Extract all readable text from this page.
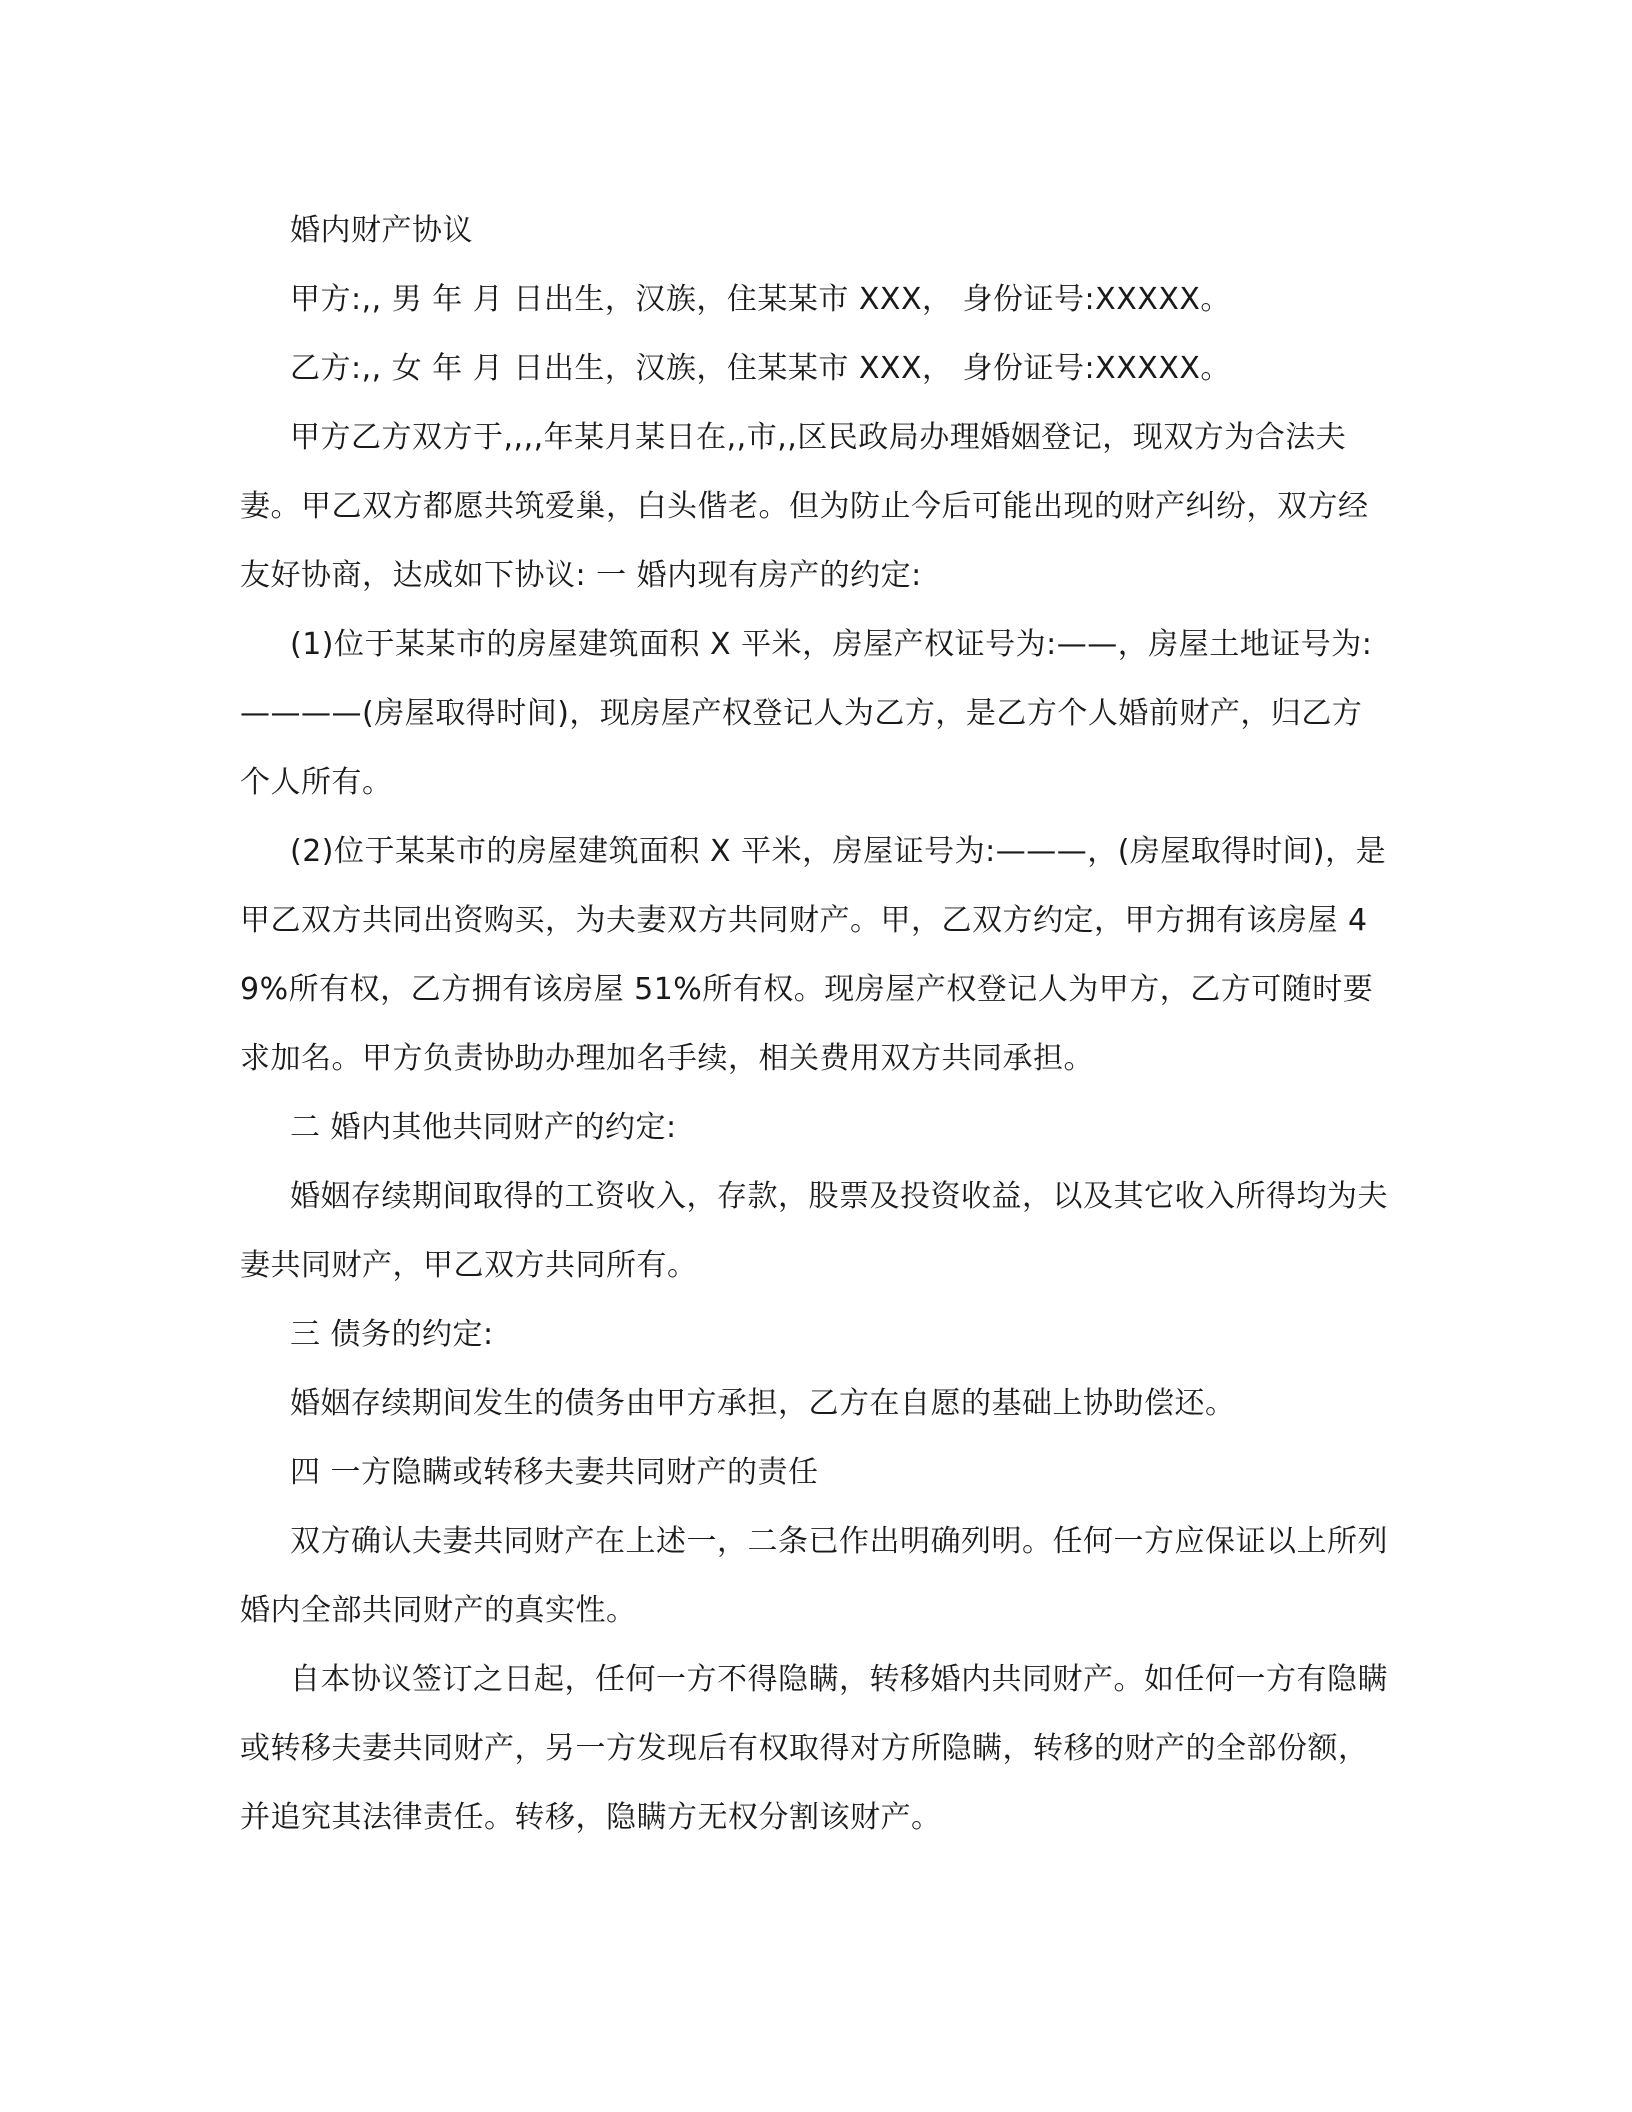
婚内财产协议

甲方:,, 男 年 月 日出生，汉族，住某某市 XXX， 身份证号:XXXXX。

乙方:,, 女 年 月 日出生，汉族，住某某市 XXX， 身份证号:XXXXX。

甲方乙方双方于,,,,年某月某日在,,市,,区民政局办理婚姻登记，现双方为合法夫妻。甲乙双方都愿共筑爱巢，白头偕老。但为防止今后可能出现的财产纠纷，双方经友好协商，达成如下协议: 一 婚内现有房产的约定:

(1)位于某某市的房屋建筑面积 X 平米，房屋产权证号为:——，房屋土地证号为:————(房屋取得时间)，现房屋产权登记人为乙方，是乙方个人婚前财产，归乙方个人所有。

(2)位于某某市的房屋建筑面积 X 平米，房屋证号为:———，(房屋取得时间)，是甲乙双方共同出资购买，为夫妻双方共同财产。甲，乙双方约定，甲方拥有该房屋 49%所有权，乙方拥有该房屋 51%所有权。现房屋产权登记人为甲方，乙方可随时要求加名。甲方负责协助办理加名手续，相关费用双方共同承担。

二 婚内其他共同财产的约定:

婚姻存续期间取得的工资收入，存款，股票及投资收益，以及其它收入所得均为夫妻共同财产，甲乙双方共同所有。

三 债务的约定:

婚姻存续期间发生的债务由甲方承担，乙方在自愿的基础上协助偿还。

四 一方隐瞒或转移夫妻共同财产的责任

双方确认夫妻共同财产在上述一，二条已作出明确列明。任何一方应保证以上所列婚内全部共同财产的真实性。

自本协议签订之日起，任何一方不得隐瞒，转移婚内共同财产。如任何一方有隐瞒或转移夫妻共同财产，另一方发现后有权取得对方所隐瞒，转移的财产的全部份额，并追究其法律责任。转移，隐瞒方无权分割该财产。
